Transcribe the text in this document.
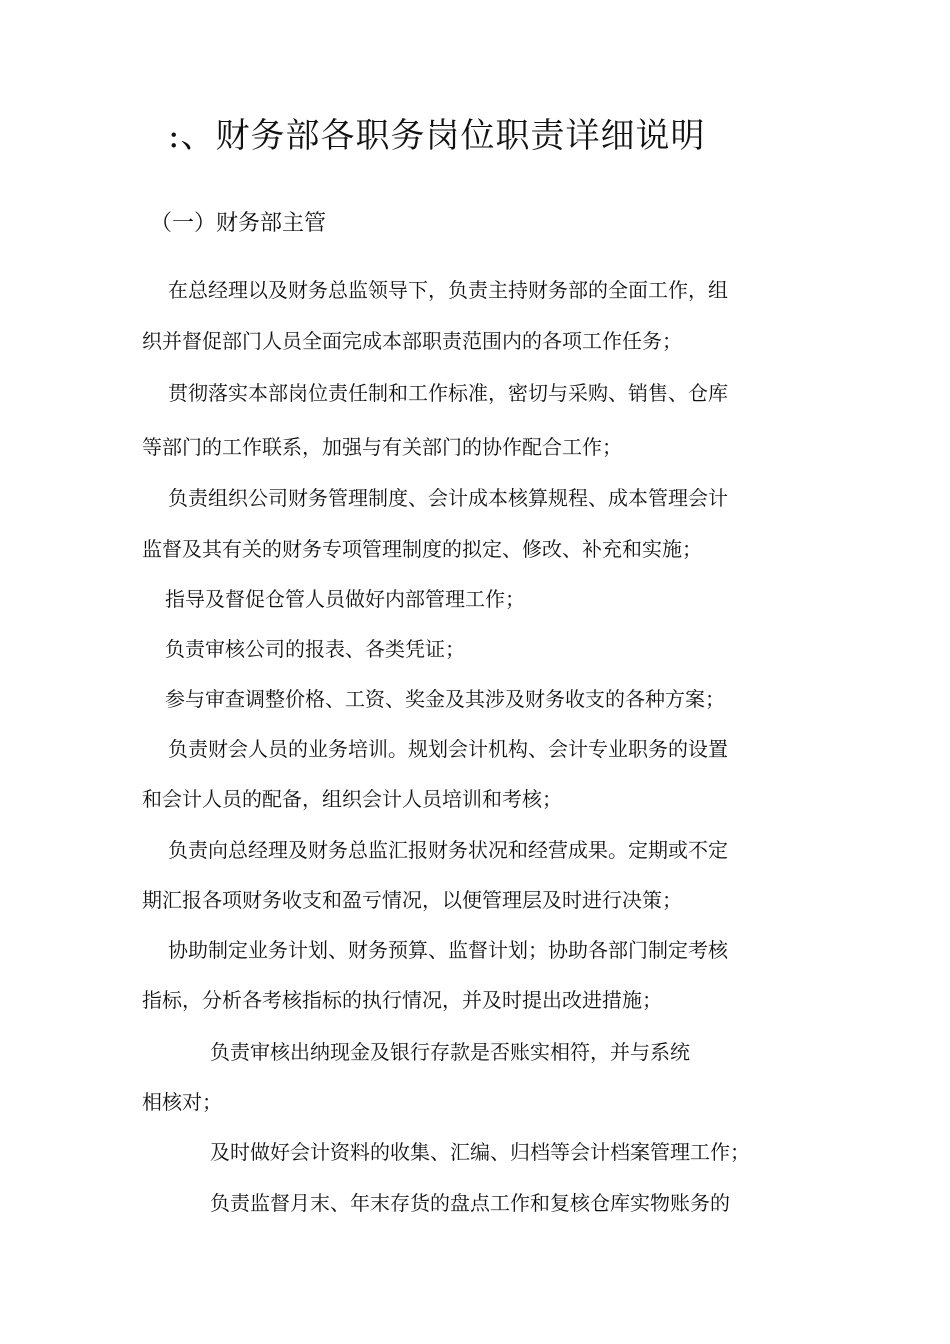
:、财务部各职务岗位职责详细说明
（一）财务部主管
在总经理以及财务总监领导下，负责主持财务部的全面工作，组
织并督促部门人员全面完成本部职责范围内的各项工作任务；
贯彻落实本部岗位责任制和工作标准，密切与采购、销售、仓库
等部门的工作联系，加强与有关部门的协作配合工作；
负责组织公司财务管理制度、会计成本核算规程、成本管理会计
监督及其有关的财务专项管理制度的拟定、修改、补充和实施；
指导及督促仓管人员做好内部管理工作；
负责审核公司的报表、各类凭证；
参与审查调整价格、工资、奖金及其涉及财务收支的各种方案；
负责财会人员的业务培训。规划会计机构、会计专业职务的设置
和会计人员的配备，组织会计人员培训和考核；
负责向总经理及财务总监汇报财务状况和经营成果。定期或不定
期汇报各项财务收支和盈亏情况，以便管理层及时进行决策；
协助制定业务计划、财务预算、监督计划；协助各部门制定考核
指标，分析各考核指标的执行情况，并及时提出改进措施；
负责审核出纳现金及银行存款是否账实相符，并与系统
相核对；
及时做好会计资料的收集、汇编、归档等会计档案管理工作；
负责监督月末、年末存货的盘点工作和复核仓库实物账务的
